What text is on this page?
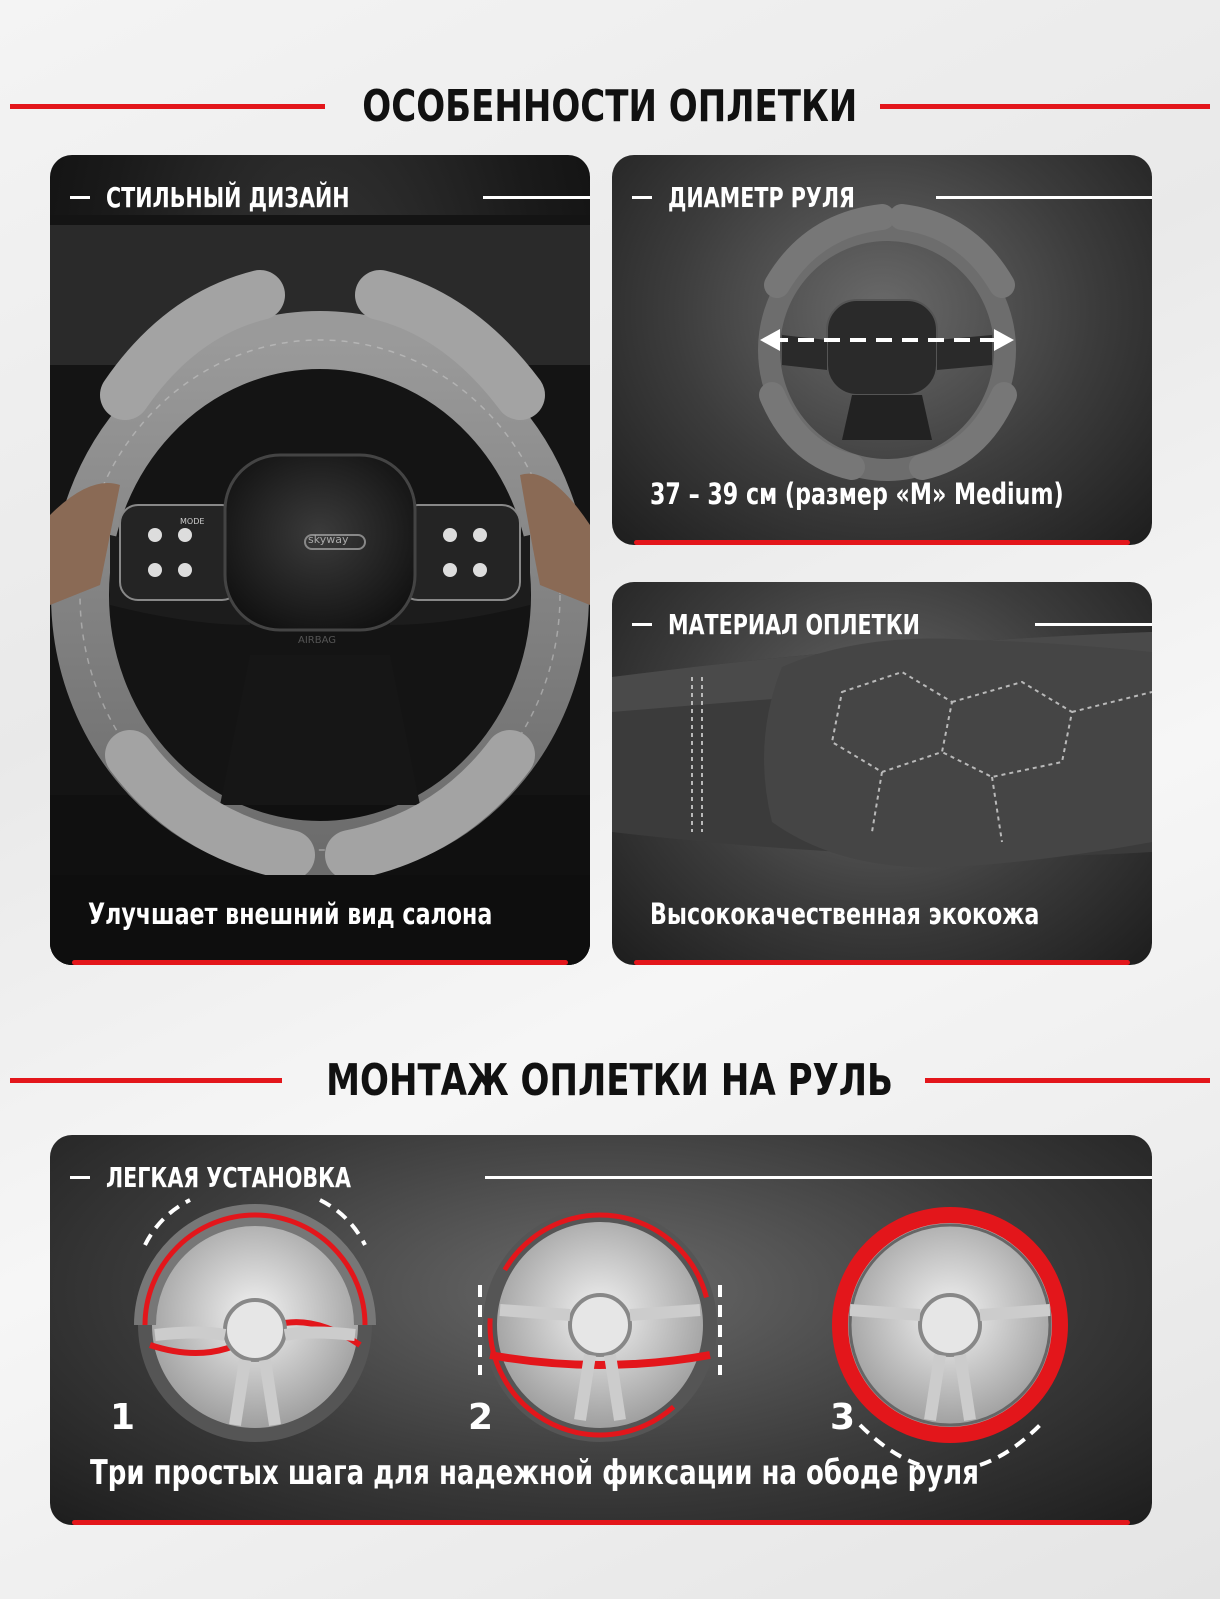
ОСОБЕННОСТИ ОПЛЕТКИ
skyway
AIRBAG
MODE
СТИЛЬНЫЙ ДИЗАЙН
Улучшает внешний вид салона
ДИАМЕТР РУЛЯ
37 – 39 см (размер «M» Medium)
МАТЕРИАЛ ОПЛЕТКИ
Высококачественная экокожа
МОНТАЖ ОПЛЕТКИ НА РУЛЬ
ЛЕГКАЯ УСТАНОВКА
1	2	3
Три простых шага для надежной фиксации на ободе руля
